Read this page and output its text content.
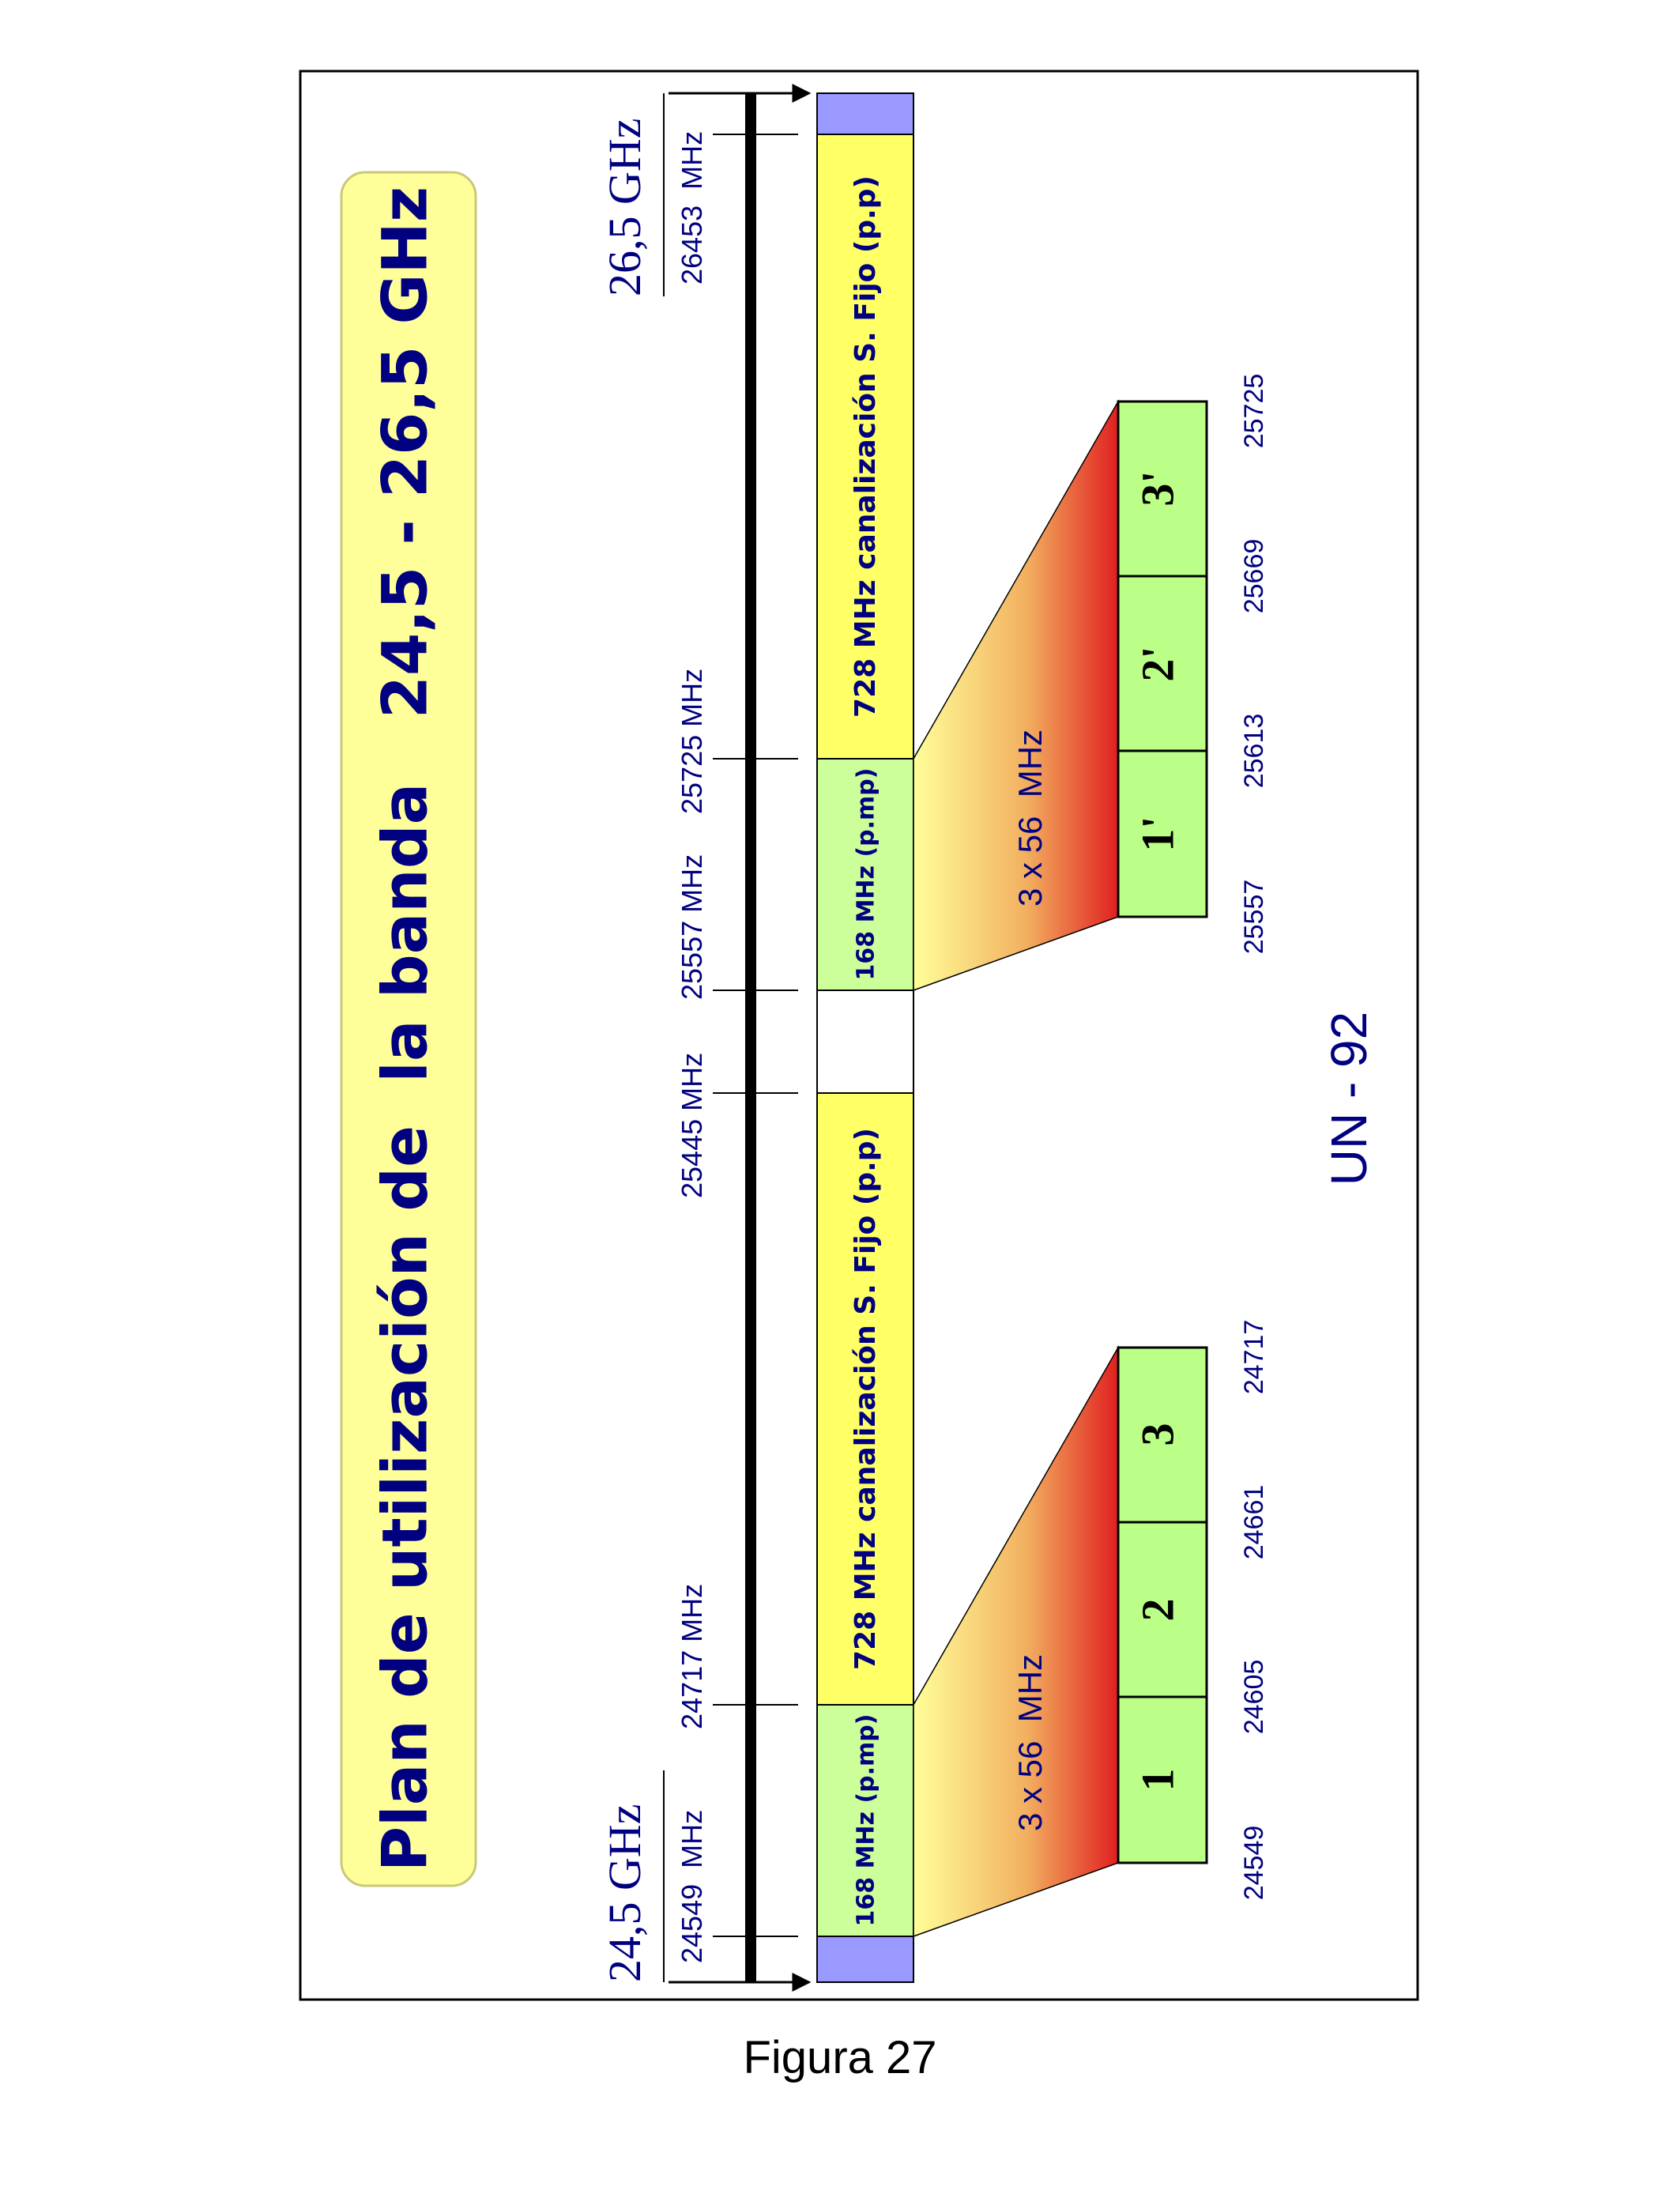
Plan de utilización de  la banda   24,5 - 26,5 GHz	728 MHz canalización S. Fijo (p.p)
168 MHz (p.mp)
728 MHz canalización S. Fijo (p.p)
168 MHz (p.mp)
26,5 GHz
24,5 GHz
26453  MHz
25725 MHz
25557 MHz
25445 MHz
24717 MHz
24549  MHz
3 x 56  MHz 1'
2'
3'
25557
25613
25669
25725
3 x 56  MHz 1
2
3
24549
24605
24661
24717
UN - 92
Figura 27
